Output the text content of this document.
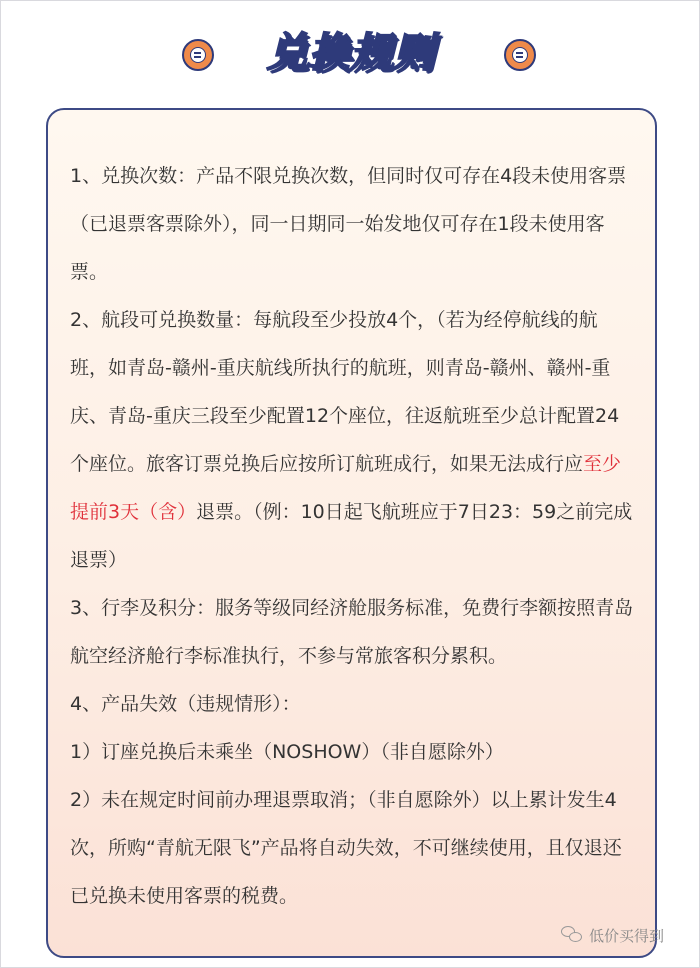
兑换规则

1、兑换次数：产品不限兑换次数，但同时仅可存在4段未使用客票（已退票客票除外），同一日期同一始发地仅可存在1段未使用客票。

2、航段可兑换数量：每航段至少投放4个，（若为经停航线的航班，如青岛-赣州-重庆航线所执行的航班，则青岛-赣州、赣州-重庆、青岛-重庆三段至少配置12个座位，往返航班至少总计配置24个座位。旅客订票兑换后应按所订航班成行，如果无法成行应至少提前3天（含）退票。（例：10日起飞航班应于7日23：59之前完成退票）

3、行李及积分：服务等级同经济舱服务标准，免费行李额按照青岛航空经济舱行李标准执行，不参与常旅客积分累积。

4、产品失效（违规情形）：

1）订座兑换后未乘坐（NOSHOW）（非自愿除外）

2）未在规定时间前办理退票取消；（非自愿除外）以上累计发生4次，所购“青航无限飞”产品将自动失效，不可继续使用，且仅退还已兑换未使用客票的税费。

低价买得到
